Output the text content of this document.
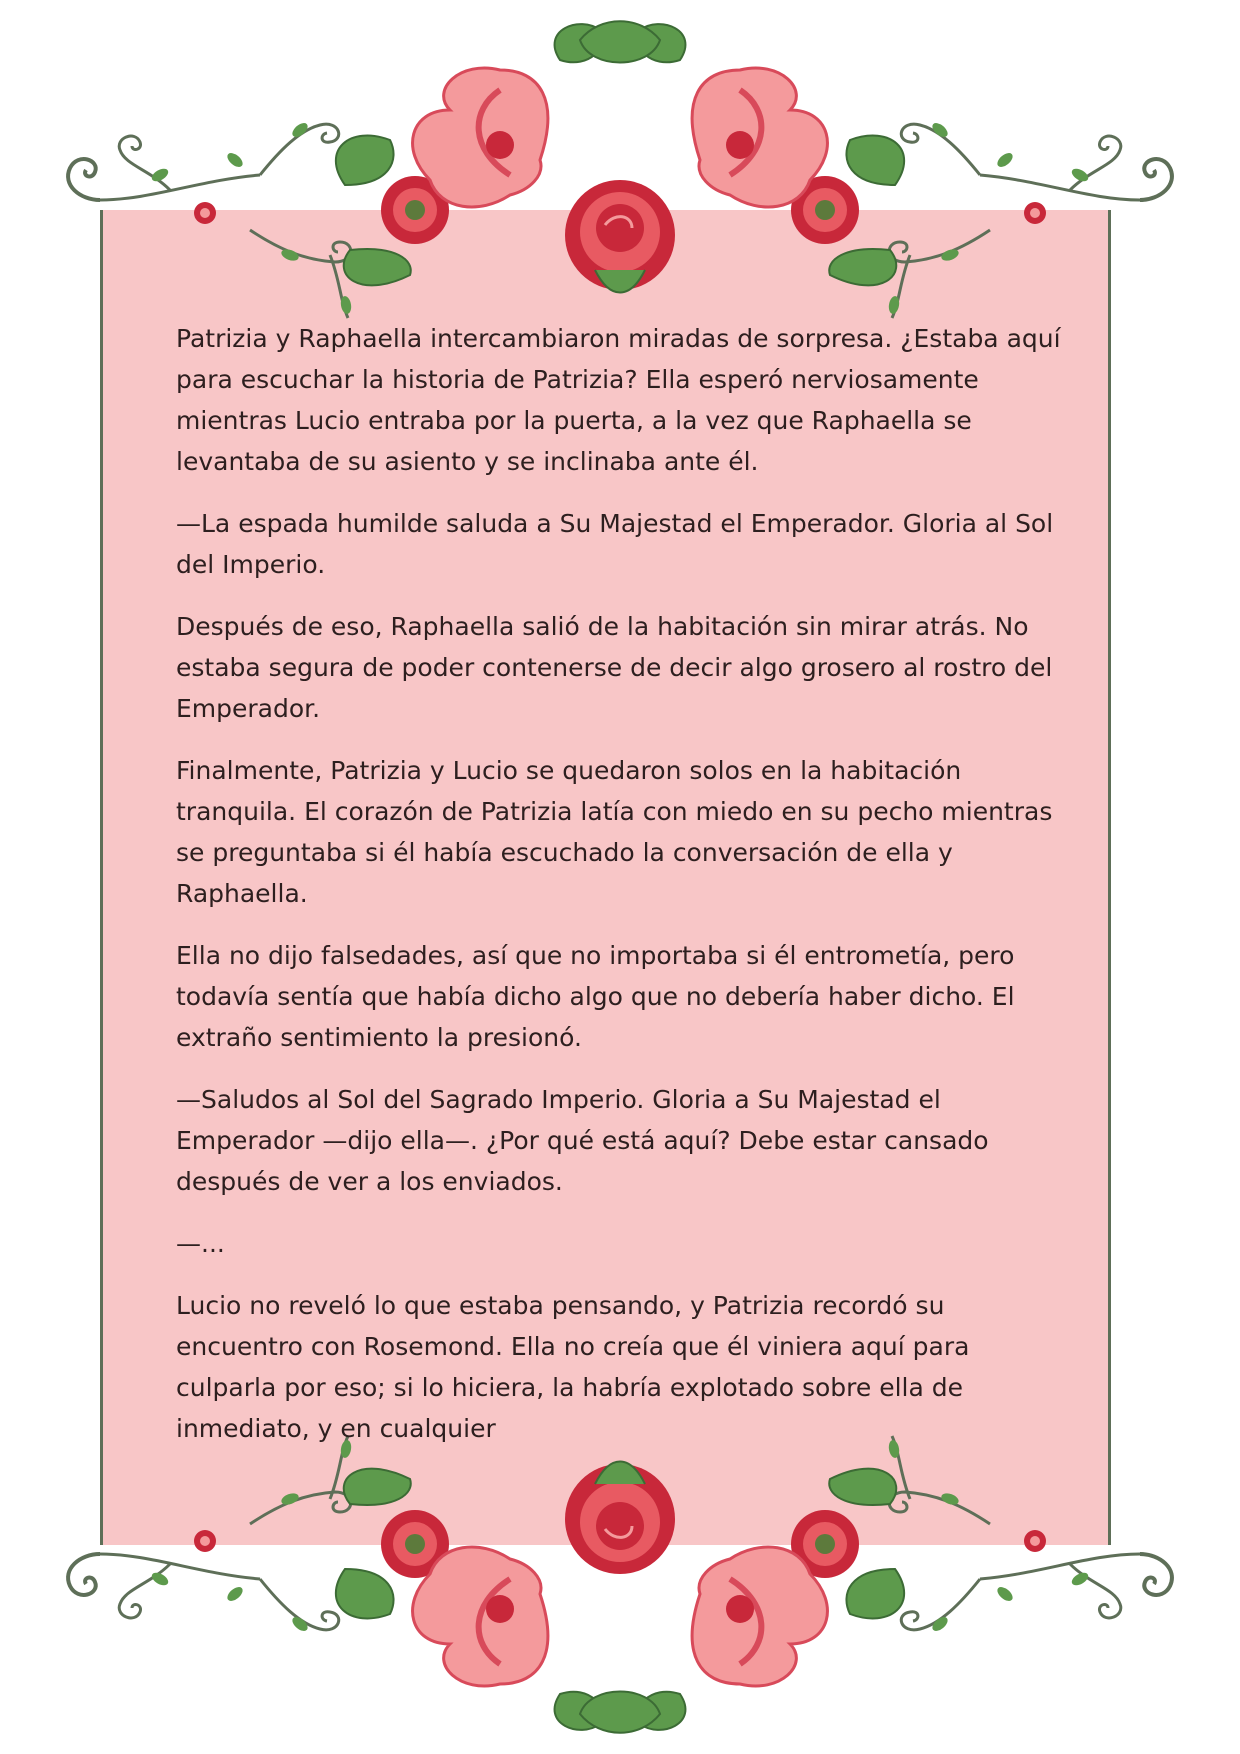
Patrizia y Raphaella intercambiaron miradas de sorpresa. ¿Estaba aquí para escuchar la historia de Patrizia? Ella esperó nerviosamente mientras Lucio entraba por la puerta, a la vez que Raphaella se levantaba de su asiento y se inclinaba ante él.

—La espada humilde saluda a Su Majestad el Emperador. Gloria al Sol del Imperio.

Después de eso, Raphaella salió de la habitación sin mirar atrás. No estaba segura de poder contenerse de decir algo grosero al rostro del Emperador.

Finalmente, Patrizia y Lucio se quedaron solos en la habitación tranquila. El corazón de Patrizia latía con miedo en su pecho mientras se preguntaba si él había escuchado la conversación de ella y Raphaella.

Ella no dijo falsedades, así que no importaba si él entrometía, pero todavía sentía que había dicho algo que no debería haber dicho. El extraño sentimiento la presionó.

—Saludos al Sol del Sagrado Imperio. Gloria a Su Majestad el Emperador —dijo ella—. ¿Por qué está aquí? Debe estar cansado después de ver a los enviados.

—...

Lucio no reveló lo que estaba pensando, y Patrizia recordó su encuentro con Rosemond. Ella no creía que él viniera aquí para culparla por eso; si lo hiciera, la habría explotado sobre ella de inmediato, y en cualquier
